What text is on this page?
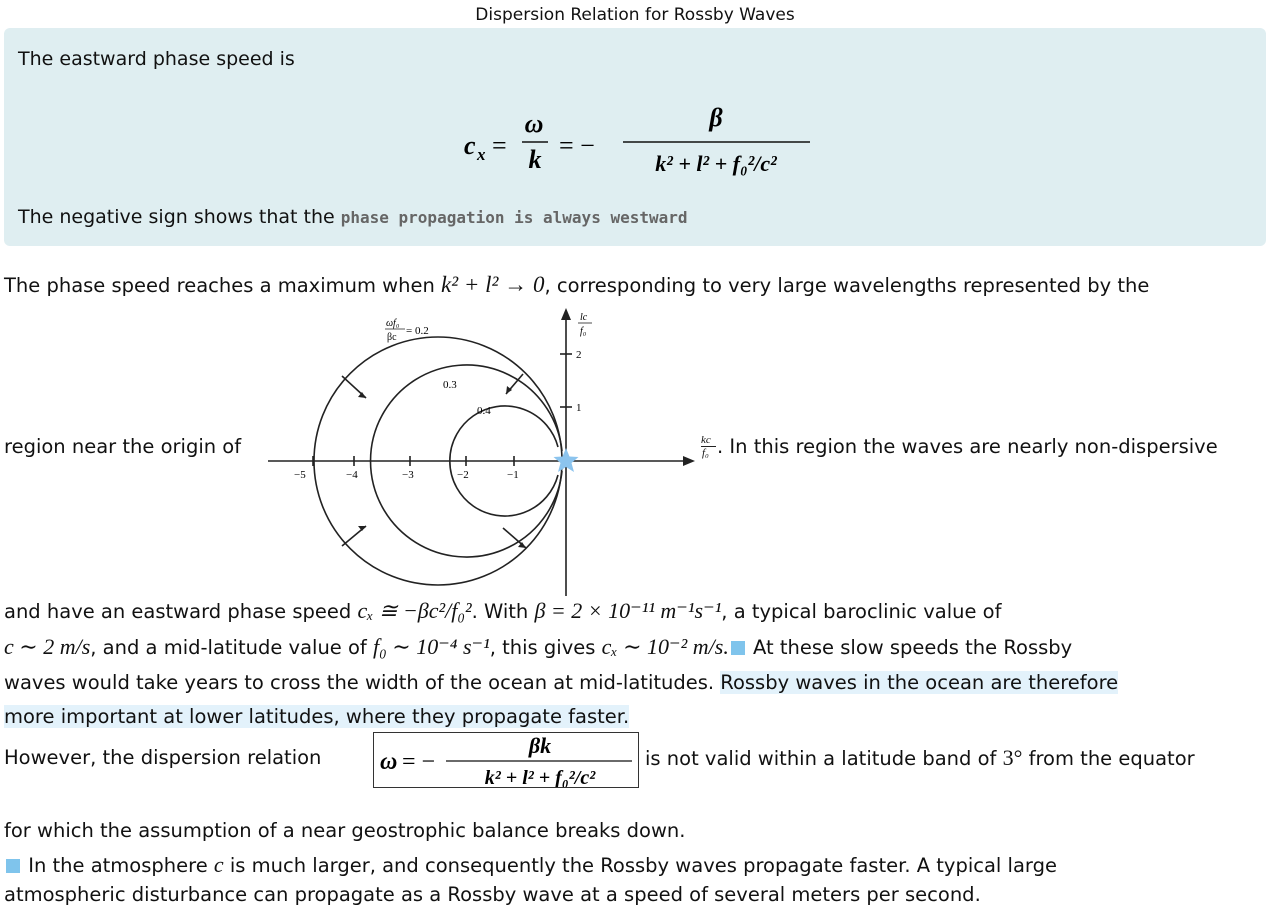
Dispersion Relation for Rossby Waves
The eastward phase speed is
c x =
ω
k = −
β
k² + l² + f₀²/c²
The negative sign shows that the phase propagation is always westward
The phase speed reaches a maximum when k² + l² → 0, corresponding to very large wavelengths represented by the
region near the origin of
−5	−4	−3	−2	−1
2
1
lc
f₀
ωf₀
βc
= 0.2
0.3
0.4
$\frac{kc}{\text{f₀}}$ . In this region the waves are nearly non-dispersive
and have an eastward phase speed cₓ ≅ −βc²/f₀². With β = 2 × 10⁻¹¹ m⁻¹s⁻¹, a typical baroclinic value of
c ∼ 2 m/s, and a mid-latitude value of f₀ ∼ 10⁻⁴ s⁻¹, this gives cₓ ∼ 10⁻² m/s. At these slow speeds the Rossby
waves would take years to cross the width of the ocean at mid-latitudes. Rossby waves in the ocean are therefore
more important at lower latitudes, where they propagate faster.
However, the dispersion relation ω = −
βk
k² + l² + f₀²/c²
is not valid within a latitude band of 3° from the equator
for which the assumption of a near geostrophic balance breaks down.
In the atmosphere c is much larger, and consequently the Rossby waves propagate faster. A typical large
atmospheric disturbance can propagate as a Rossby wave at a speed of several meters per second.
